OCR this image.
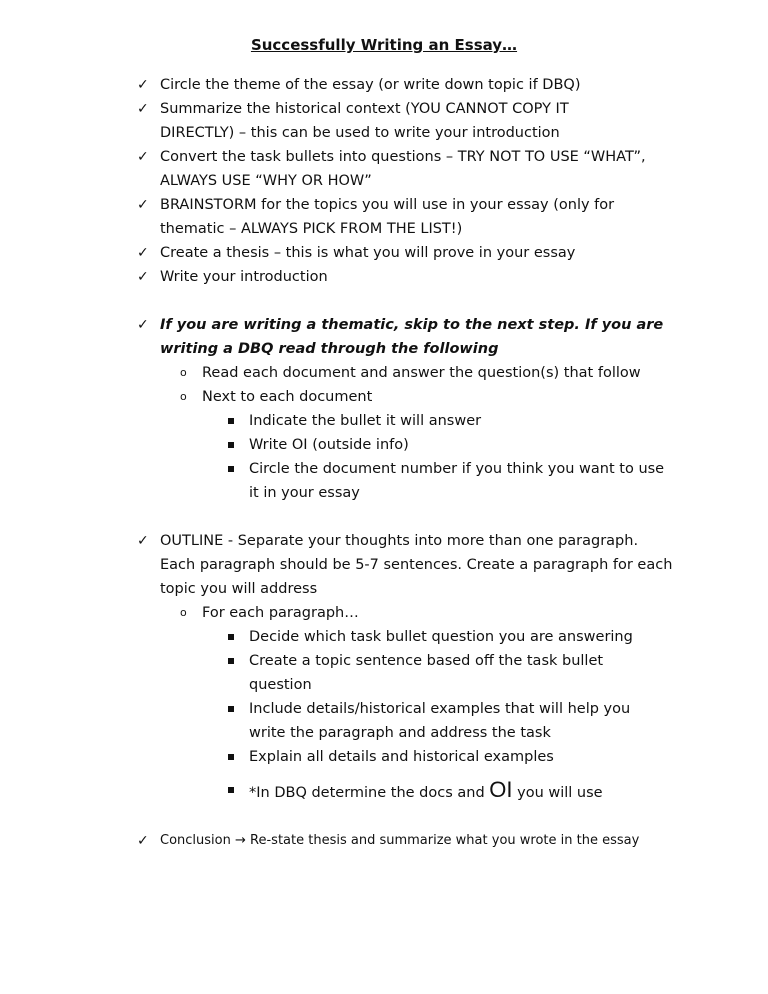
Successfully Writing an Essay…
✓ Circle the theme of the essay (or write down topic if DBQ)
✓ Summarize the historical context (YOU CANNOT COPY IT
DIRECTLY) – this can be used to write your introduction
✓ Convert the task bullets into questions – TRY NOT TO USE “WHAT”,
ALWAYS USE “WHY OR HOW”
✓ BRAINSTORM for the topics you will use in your essay (only for
thematic – ALWAYS PICK FROM THE LIST!)
✓ Create a thesis – this is what you will prove in your essay
✓ Write your introduction
✓ If you are writing a thematic, skip to the next step. If you are
writing a DBQ read through the following
o Read each document and answer the question(s) that follow
o Next to each document
Indicate the bullet it will answer
Write OI (outside info)
Circle the document number if you think you want to use
it in your essay
✓ OUTLINE - Separate your thoughts into more than one paragraph.
Each paragraph should be 5-7 sentences. Create a paragraph for each
topic you will address
o For each paragraph…
Decide which task bullet question you are answering
Create a topic sentence based off the task bullet
question
Include details/historical examples that will help you
write the paragraph and address the task
Explain all details and historical examples
*In DBQ determine the docs and OI you will use
✓ Conclusion → Re-state thesis and summarize what you wrote in the essay
